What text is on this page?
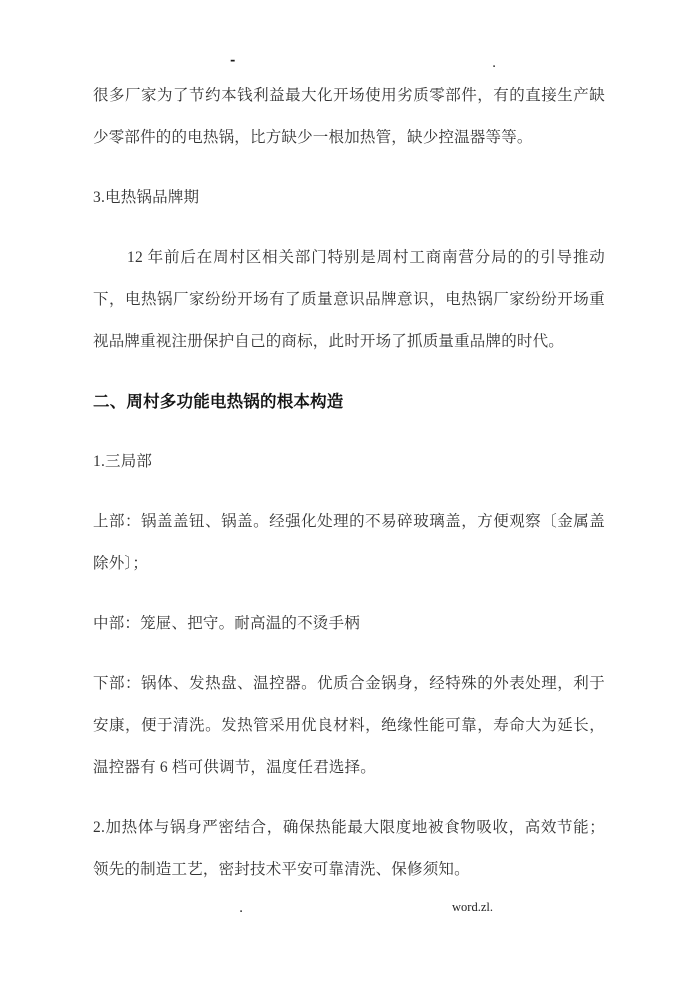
-	.

很多厂家为了节约本钱利益最大化开场使用劣质零部件，有的直接生产缺少零部件的的电热锅，比方缺少一根加热管，缺少控温器等等。

3.电热锅品牌期

12 年前后在周村区相关部门特别是周村工商南营分局的的引导推动下，电热锅厂家纷纷开场有了质量意识品牌意识，电热锅厂家纷纷开场重视品牌重视注册保护自己的商标，此时开场了抓质量重品牌的时代。

二、周村多功能电热锅的根本构造

1.三局部

上部：锅盖盖钮、锅盖。经强化处理的不易碎玻璃盖，方便观察〔金属盖除外〕；

中部：笼屉、把守。耐高温的不烫手柄

下部：锅体、发热盘、温控器。优质合金锅身，经特殊的外表处理，利于安康，便于清洗。发热管采用优良材料，绝缘性能可靠，寿命大为延长，温控器有 6 档可供调节，温度任君选择。

2.加热体与锅身严密结合，确保热能最大限度地被食物吸收，高效节能；领先的制造工艺，密封技术平安可靠清洗、保修须知。

.	word.zl.
